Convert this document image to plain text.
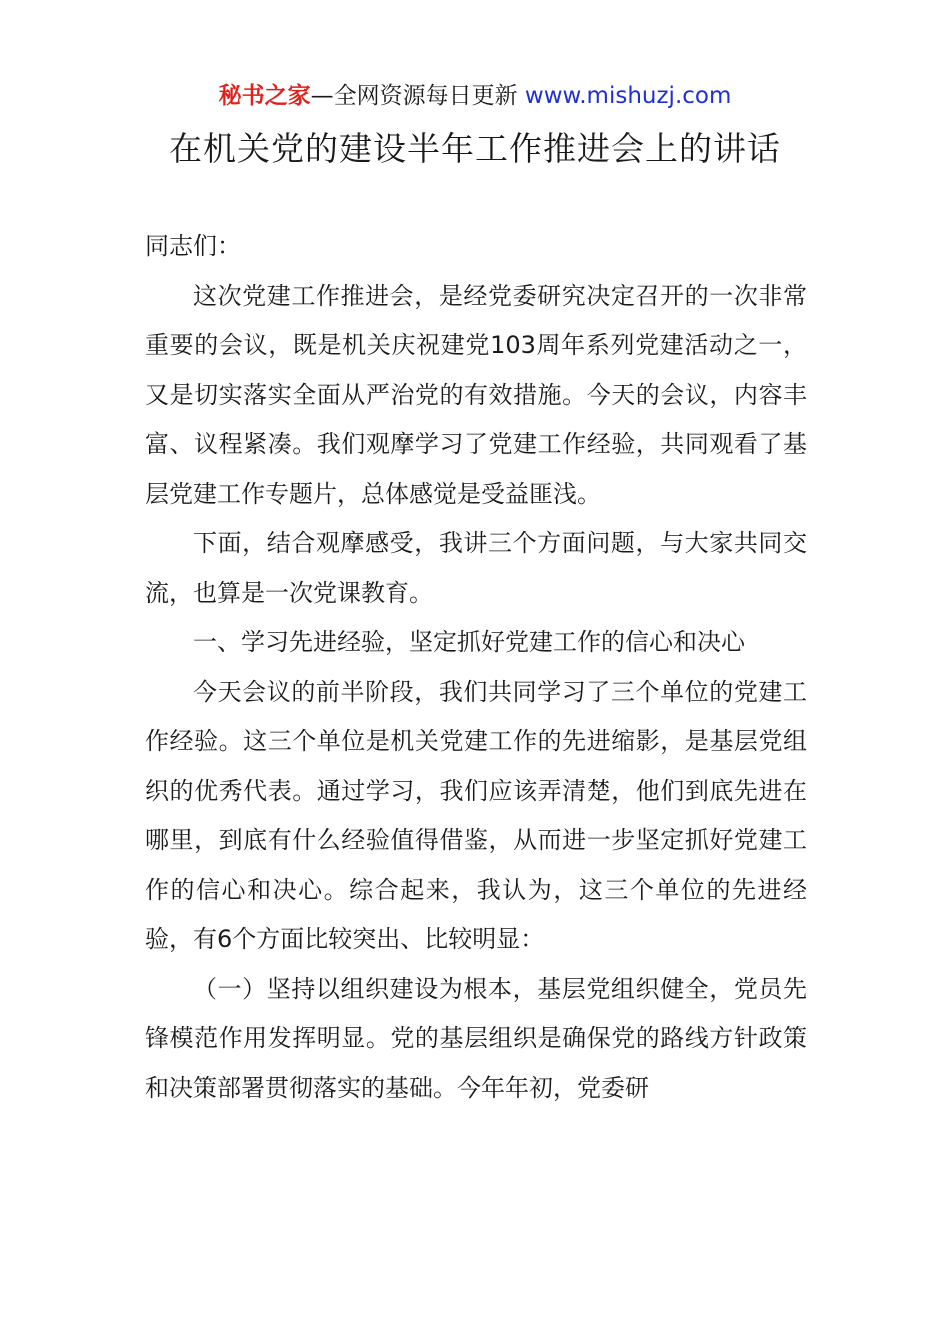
秘书之家—全网资源每日更新 www.mishuzj.com
在机关党的建设半年工作推进会上的讲话

同志们：

这次党建工作推进会，是经党委研究决定召开的一次非常重要的会议，既是机关庆祝建党103周年系列党建活动之一，又是切实落实全面从严治党的有效措施。今天的会议，内容丰富、议程紧凑。我们观摩学习了党建工作经验，共同观看了基层党建工作专题片，总体感觉是受益匪浅。

下面，结合观摩感受，我讲三个方面问题，与大家共同交流，也算是一次党课教育。

一、学习先进经验，坚定抓好党建工作的信心和决心

今天会议的前半阶段，我们共同学习了三个单位的党建工作经验。这三个单位是机关党建工作的先进缩影，是基层党组织的优秀代表。通过学习，我们应该弄清楚，他们到底先进在哪里，到底有什么经验值得借鉴，从而进一步坚定抓好党建工作的信心和决心。综合起来，我认为，这三个单位的先进经验，有6个方面比较突出、比较明显：

（一）坚持以组织建设为根本，基层党组织健全，党员先锋模范作用发挥明显。党的基层组织是确保党的路线方针政策和决策部署贯彻落实的基础。今年年初，党委研
